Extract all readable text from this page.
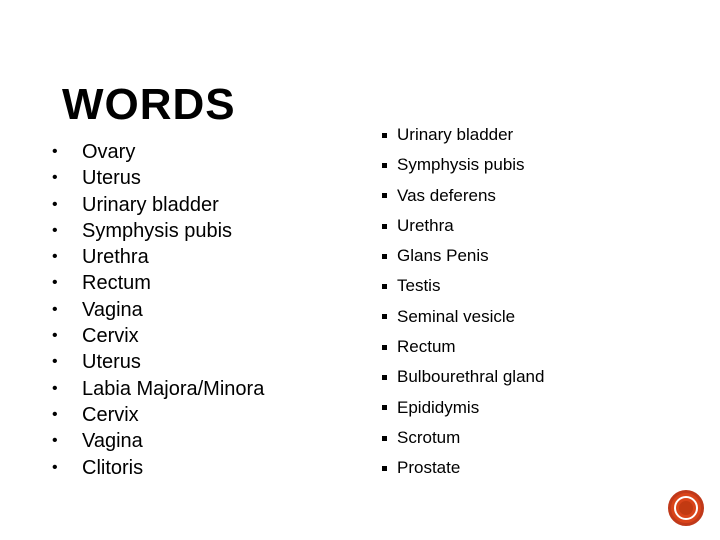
WORDS
•	Ovary
•	Uterus
•	Urinary bladder
•	Symphysis pubis
•	Urethra
•	Rectum
•	Vagina
•	Cervix
•	Uterus
•	Labia Majora/Minora
•	Cervix
•	Vagina
•	Clitoris
Urinary bladder
Symphysis pubis
Vas deferens
Urethra
Glans Penis
Testis
Seminal vesicle
Rectum
Bulbourethral gland
Epididymis
Scrotum
Prostate
